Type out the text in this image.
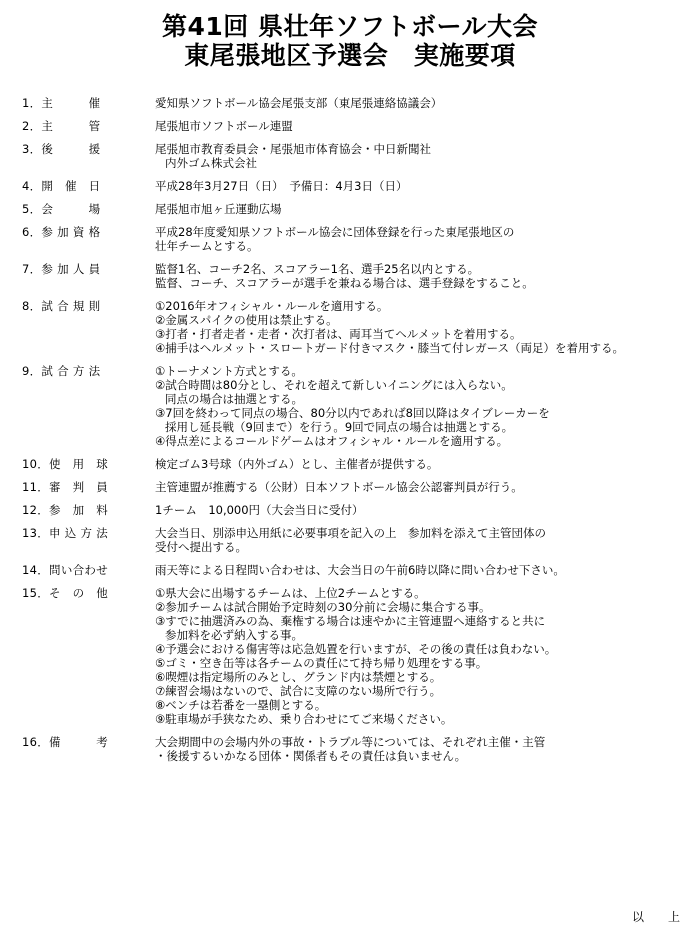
第41回 県壮年ソフトボール大会
東尾張地区予選会　実施要項
1．主　　　催	愛知県ソフトボール協会尾張支部（東尾張連絡協議会）
2．主　　　管	尾張旭市ソフトボール連盟
3．後　　　援	尾張旭市教育委員会・尾張旭市体育協会・中日新聞社
内外ゴム株式会社
4．開　催　日	平成28年3月27日（日）　予備日：4月3日（日）
5．会　　　場	尾張旭市旭ヶ丘運動広場
6．参 加 資 格	平成28年度愛知県ソフトボール協会に団体登録を行った東尾張地区の
壮年チームとする。
7．参 加 人 員	監督1名、コーチ2名、スコアラー1名、選手25名以内とする。
監督、コーチ、スコアラーが選手を兼ねる場合は、選手登録をすること。
8．試 合 規 則	①2016年オフィシャル・ルールを適用する。
②金属スパイクの使用は禁止する。
③打者・打者走者・走者・次打者は、両耳当てヘルメットを着用する。
④捕手はヘルメット・スロートガード付きマスク・膝当て付レガース（両足）を着用する。
9．試 合 方 法	①トーナメント方式とする。
②試合時間は80分とし、それを超えて新しいイニングには入らない。
同点の場合は抽選とする。
③7回を終わって同点の場合、80分以内であれば8回以降はタイブレーカーを
採用し延長戦（9回まで）を行う。9回で同点の場合は抽選とする。
④得点差によるコールドゲームはオフィシャル・ルールを適用する。
10．使　用　球	検定ゴム3号球（内外ゴム）とし、主催者が提供する。
11．審　判　員	主管連盟が推薦する（公財）日本ソフトボール協会公認審判員が行う。
12．参　加　料	1チーム　10,000円（大会当日に受付）
13．申 込 方 法	大会当日、別添申込用紙に必要事項を記入の上　参加料を添えて主管団体の
受付へ提出する。
14．問い合わせ	雨天等による日程問い合わせは、大会当日の午前6時以降に問い合わせ下さい。
15．そ　の　他	①県大会に出場するチームは、上位2チームとする。
②参加チームは試合開始予定時刻の30分前に会場に集合する事。
③すでに抽選済みの為、棄権する場合は速やかに主管連盟へ連絡すると共に
参加料を必ず納入する事。
④予選会における傷害等は応急処置を行いますが、その後の責任は負わない。
⑤ゴミ・空き缶等は各チームの責任にて持ち帰り処理をする事。
⑥喫煙は指定場所のみとし、グランド内は禁煙とする。
⑦練習会場はないので、試合に支障のない場所で行う。
⑧ベンチは若番を一塁側とする。
⑨駐車場が手狭なため、乗り合わせにてご来場ください。
16．備　　　考	大会期間中の会場内外の事故・トラブル等については、それぞれ主催・主管
・後援するいかなる団体・関係者もその責任は負いません。
以　上
